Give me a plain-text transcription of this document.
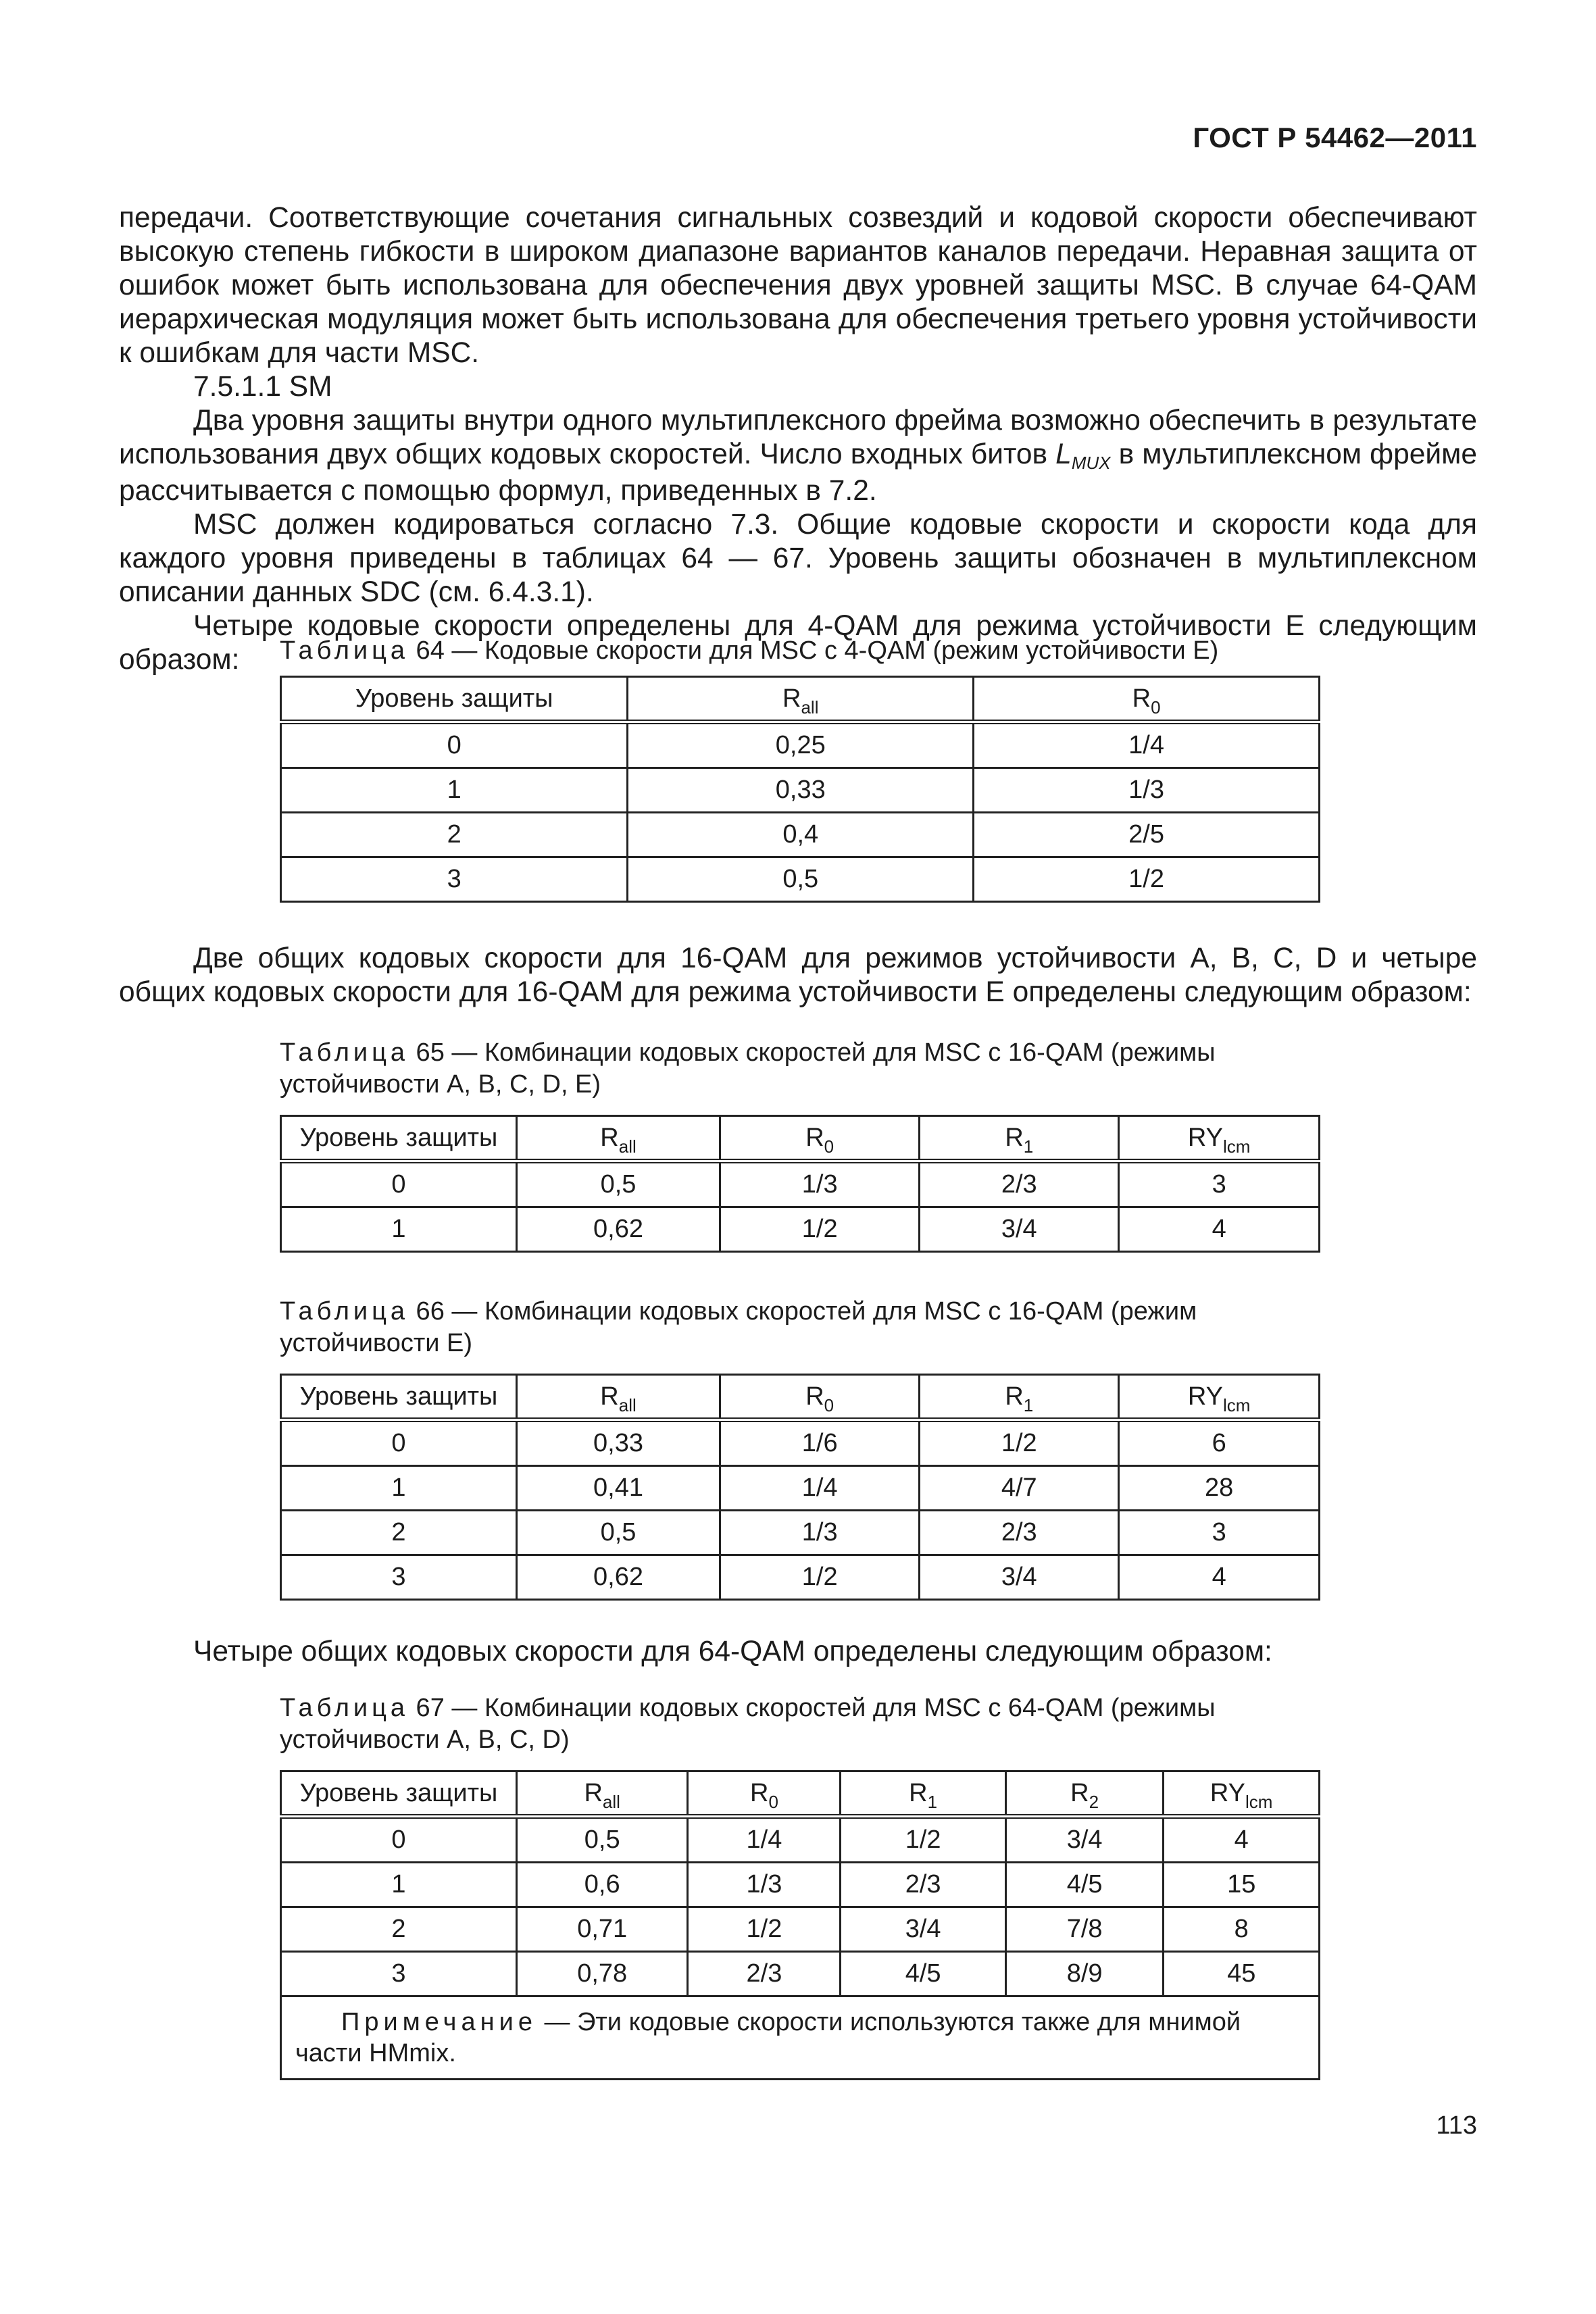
ГОСТ Р 54462—2011

передачи. Соответствующие сочетания сигнальных созвездий и кодовой скорости обеспечивают высокую степень гибкости в широком диапазоне вариантов каналов передачи. Неравная защита от ошибок может быть использована для обеспечения двух уровней защиты MSC. В случае 64-QAM иерархическая модуляция может быть использована для обеспечения третьего уровня устойчивости к ошибкам для части MSC.

7.5.1.1 SM

Два уровня защиты внутри одного мультиплексного фрейма возможно обеспечить в результате использования двух общих кодовых скоростей. Число входных битов LMUX в мультиплексном фрейме рассчитывается с помощью формул, приведенных в 7.2.

MSC должен кодироваться согласно 7.3. Общие кодовые скорости и скорости кода для каждого уровня приведены в таблицах 64 — 67. Уровень защиты обозначен в мультиплексном описании данных SDC (см. 6.4.3.1).

Четыре кодовые скорости определены для 4-QAM для режима устойчивости E следующим образом:	Таблица 64 — Кодовые скорости для MSC с 4-QAM (режим устойчивости E)
Уровень защиты	$R_{all}$	$R_0$
0	0,25	1/4
1	0,33	1/3
2	0,4	2/5
3	0,5	1/2

Две общих кодовых скорости для 16-QAM для режимов устойчивости A, B, C, D и четыре общих кодовых скорости для 16-QAM для режима устойчивости E определены следующим образом:

Таблица 65 — Комбинации кодовых скоростей для MSC с 16-QAM (режимы устойчивости A, B, C, D, E)
Уровень защиты	$R_{all}$	$R_0$	$R_1$	$RY_{lcm}$
0	0,5	1/3	2/3	3
1	0,62	1/2	3/4	4
Таблица 66 — Комбинации кодовых скоростей для MSC с 16-QAM (режим устойчивости E)
Уровень защиты	$R_{all}$	$R_0$	$R_1$	$RY_{lcm}$
0	0,33	1/6	1/2	6
1	0,41	1/4	4/7	28
2	0,5	1/3	2/3	3
3	0,62	1/2	3/4	4

Четыре общих кодовых скорости для 64-QAM определены следующим образом:

Таблица 67 — Комбинации кодовых скоростей для MSC с 64-QAM (режимы устойчивости A, B, C, D)
Уровень защиты	$R_{all}$	$R_0$	$R_1$	$R_2$	$RY_{lcm}$
0	0,5	1/4	1/2	3/4	4
1	0,6	1/3	2/3	4/5	15
2	0,71	1/2	3/4	7/8	8
3	0,78	2/3	4/5	8/9	45
Примечание — Эти кодовые скорости используются также для мнимой части HMmix.					
113
